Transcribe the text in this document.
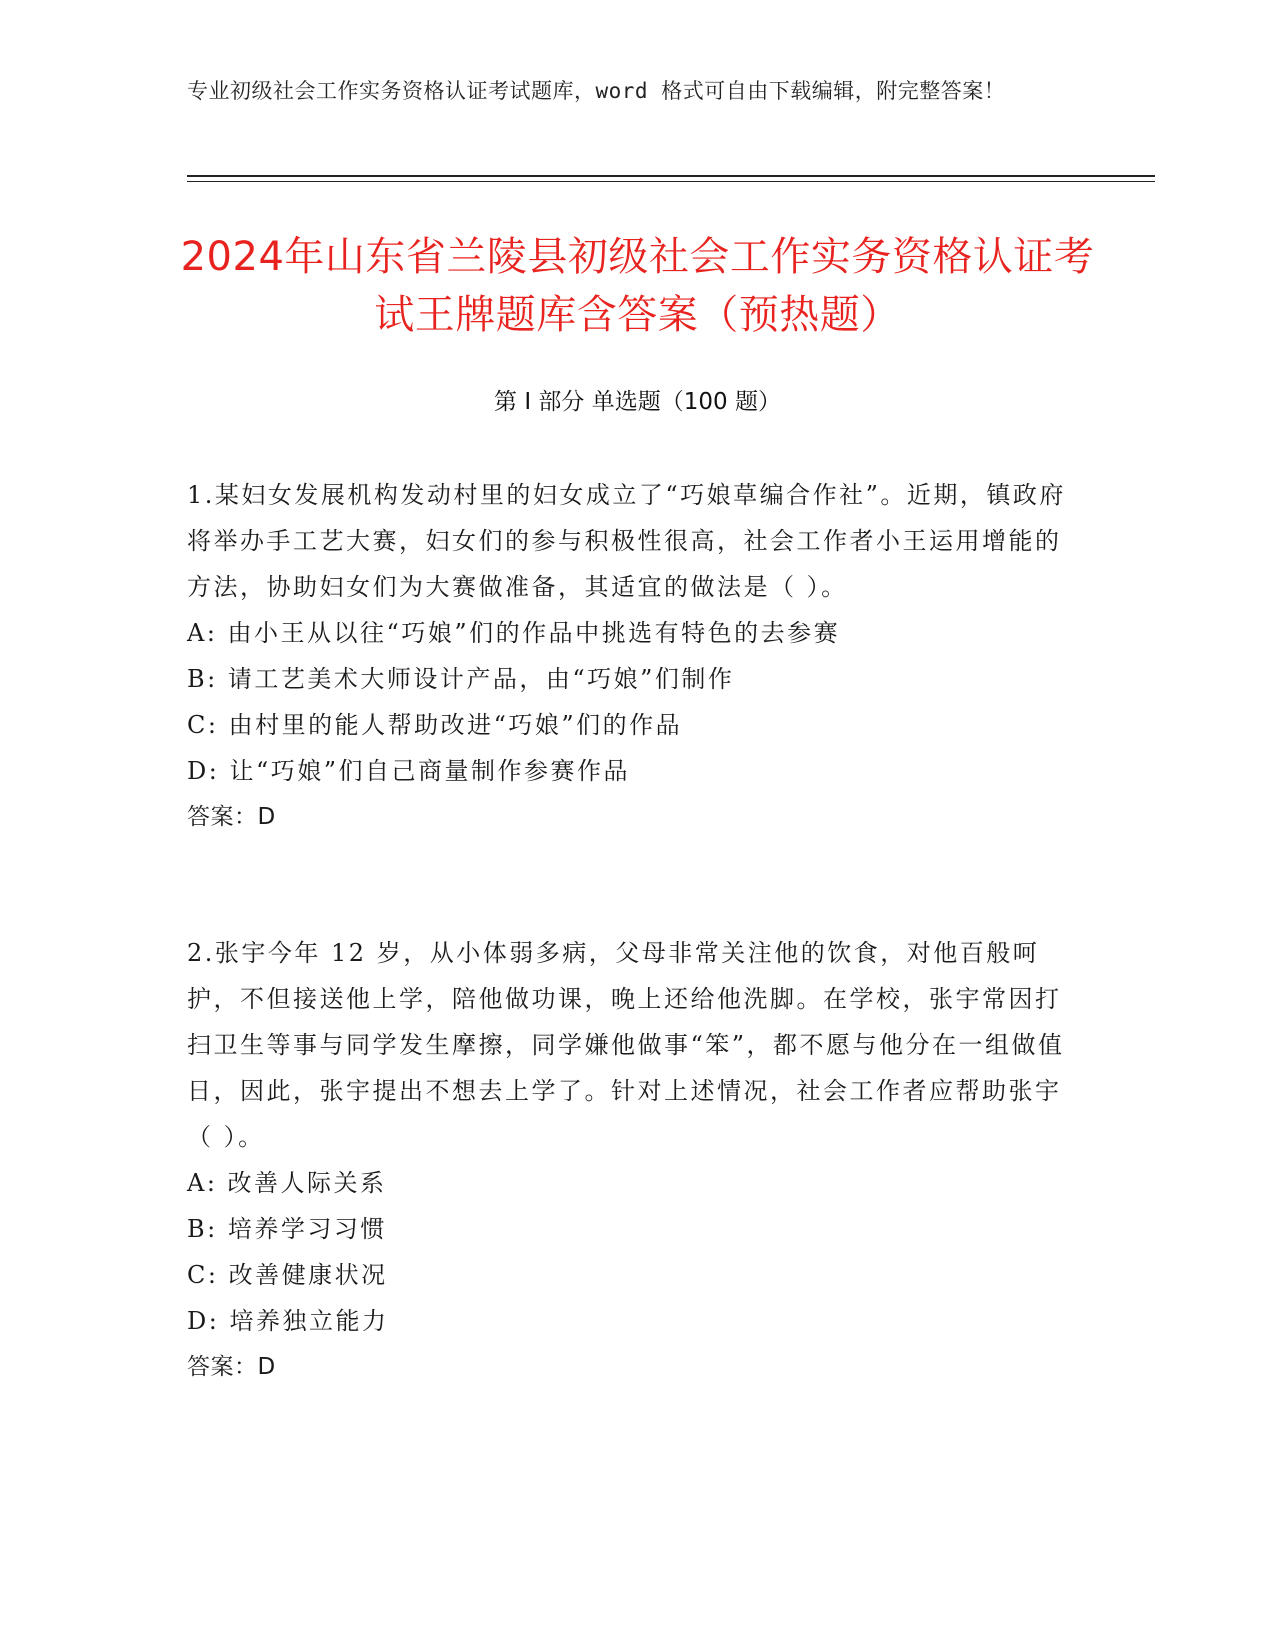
专业初级社会工作实务资格认证考试题库，word 格式可自由下载编辑，附完整答案！
2024年山东省兰陵县初级社会工作实务资格认证考试王牌题库含答案（预热题）
第 I 部分 单选题（100 题）

1.某妇女发展机构发动村里的妇女成立了“巧娘草编合作社”。近期，镇政府将举办手工艺大赛，妇女们的参与积极性很高，社会工作者小王运用增能的方法，协助妇女们为大赛做准备，其适宜的做法是（ ）。

A: 由小王从以往“巧娘”们的作品中挑选有特色的去参赛

B: 请工艺美术大师设计产品，由“巧娘”们制作

C: 由村里的能人帮助改进“巧娘”们的作品

D: 让“巧娘”们自己商量制作参赛作品

答案：D

2.张宇今年 12 岁，从小体弱多病，父母非常关注他的饮食，对他百般呵护，不但接送他上学，陪他做功课，晚上还给他洗脚。在学校，张宇常因打扫卫生等事与同学发生摩擦，同学嫌他做事“笨”，都不愿与他分在一组做值日，因此，张宇提出不想去上学了。针对上述情况，社会工作者应帮助张宇（ ）。

A: 改善人际关系

B: 培养学习习惯

C: 改善健康状况

D: 培养独立能力

答案：D
